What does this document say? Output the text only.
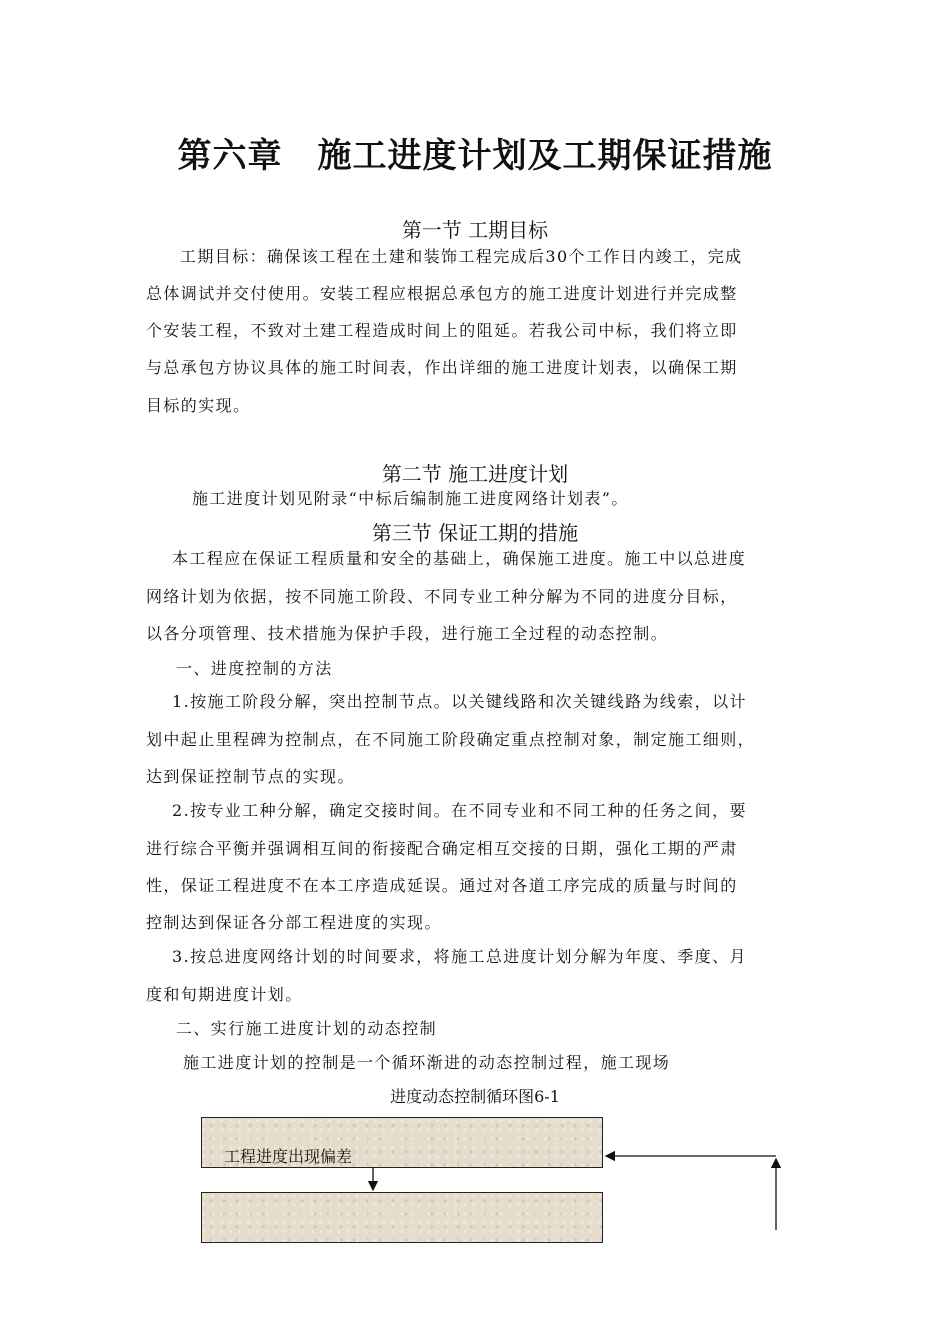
第六章　施工进度计划及工期保证措施
第一节 工期目标
工期目标：确保该工程在土建和装饰工程完成后30个工作日内竣工，完成
总体调试并交付使用。安装工程应根据总承包方的施工进度计划进行并完成整
个安装工程，不致对土建工程造成时间上的阻延。若我公司中标，我们将立即
与总承包方协议具体的施工时间表，作出详细的施工进度计划表，以确保工期
目标的实现。
第二节 施工进度计划
施工进度计划见附录“中标后编制施工进度网络计划表”。
第三节 保证工期的措施
本工程应在保证工程质量和安全的基础上，确保施工进度。施工中以总进度
网络计划为依据，按不同施工阶段、不同专业工种分解为不同的进度分目标，
以各分项管理、技术措施为保护手段，进行施工全过程的动态控制。
一、进度控制的方法
1.按施工阶段分解，突出控制节点。以关键线路和次关键线路为线索，以计
划中起止里程碑为控制点，在不同施工阶段确定重点控制对象，制定施工细则，
达到保证控制节点的实现。
2.按专业工种分解，确定交接时间。在不同专业和不同工种的任务之间，要
进行综合平衡并强调相互间的衔接配合确定相互交接的日期，强化工期的严肃
性，保证工程进度不在本工序造成延误。通过对各道工序完成的质量与时间的
控制达到保证各分部工程进度的实现。
3.按总进度网络计划的时间要求，将施工总进度计划分解为年度、季度、月
度和旬期进度计划。
二、实行施工进度计划的动态控制
施工进度计划的控制是一个循环渐进的动态控制过程，施工现场
进度动态控制循环图6-1
工程进度出现偏差
